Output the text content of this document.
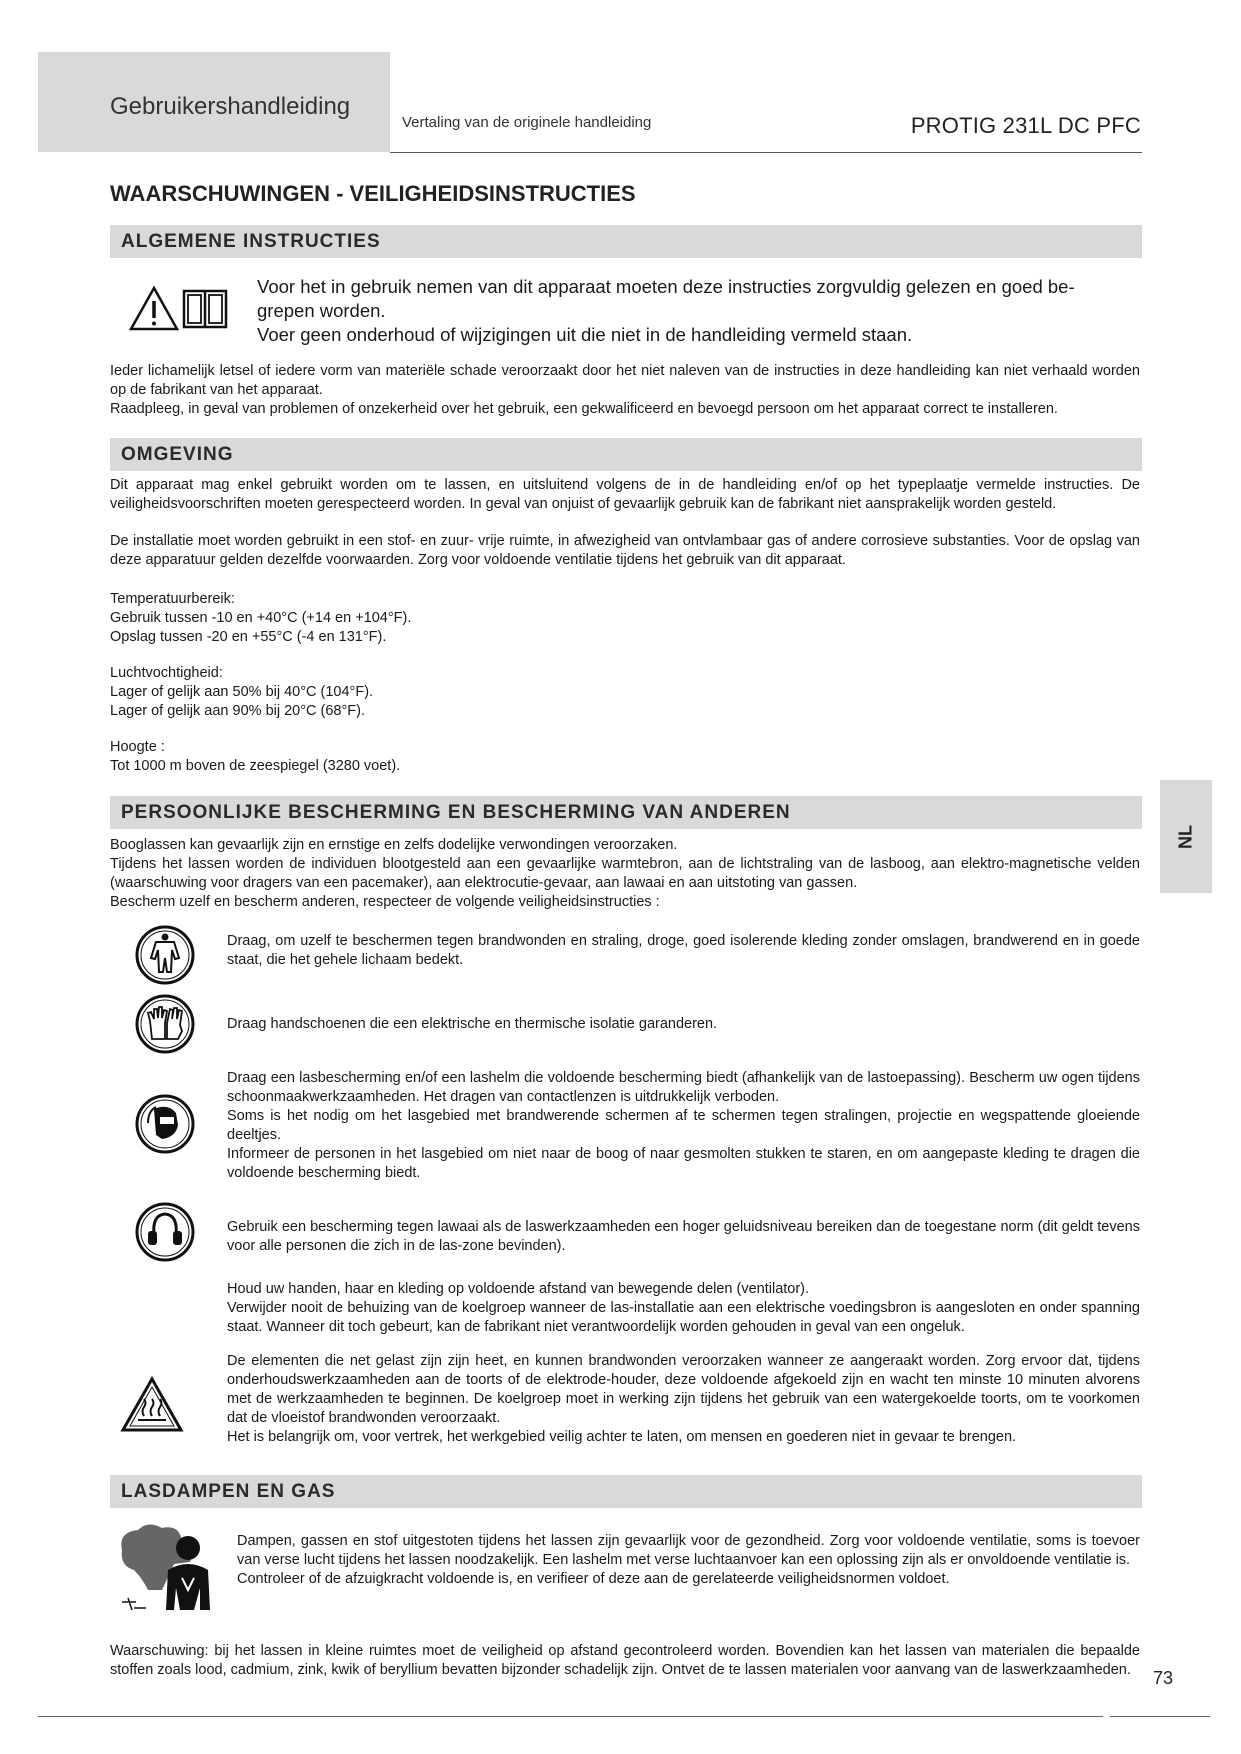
Gebruikershandleiding
Vertaling van de originele handleiding	PROTIG 231L DC PFC
WAARSCHUWINGEN - VEILIGHEIDSINSTRUCTIES
ALGEMENE INSTRUCTIES

Voor het in gebruik nemen van dit apparaat moeten deze instructies zorgvuldig gelezen en goed be-

grepen worden.

Voer geen onderhoud of wijzigingen uit die niet in de handleiding vermeld staan.

Ieder lichamelijk letsel of iedere vorm van materiële schade veroorzaakt door het niet naleven van de instructies in deze handleiding kan niet verhaald worden op de fabrikant van het apparaat.

Raadpleeg, in geval van problemen of onzekerheid over het gebruik, een gekwalificeerd en bevoegd persoon om het apparaat correct te installeren.

OMGEVING
Dit apparaat mag enkel gebruikt worden om te lassen, en uitsluitend volgens de in de handleiding en/of op het typeplaatje vermelde instructies. De veiligheidsvoorschriften moeten gerespecteerd worden. In geval van onjuist of gevaarlijk gebruik kan de fabrikant niet aansprakelijk worden gesteld.
De installatie moet worden gebruikt in een stof- en zuur- vrije ruimte, in afwezigheid van ontvlambaar gas of andere corrosieve substanties. Voor de opslag van deze apparatuur gelden dezelfde voorwaarden. Zorg voor voldoende ventilatie tijdens het gebruik van dit apparaat.

Temperatuurbereik:

Gebruik tussen -10 en +40°C (+14 en +104°F).

Opslag tussen -20 en +55°C (-4 en 131°F).

Luchtvochtigheid:

Lager of gelijk aan 50% bij 40°C (104°F).

Lager of gelijk aan 90% bij 20°C (68°F).

Hoogte :

Tot 1000 m boven de zeespiegel (3280 voet).

PERSOONLIJKE BESCHERMING EN BESCHERMING VAN ANDEREN

Booglassen kan gevaarlijk zijn en ernstige en zelfs dodelijke verwondingen veroorzaken.

Tijdens het lassen worden de individuen blootgesteld aan een gevaarlijke warmtebron, aan de lichtstraling van de lasboog, aan elektro-magnetische velden (waarschuwing voor dragers van een pacemaker), aan elektrocutie-gevaar, aan lawaai en aan uitstoting van gassen.

Bescherm uzelf en bescherm anderen, respecteer de volgende veiligheidsinstructies :

Draag, om uzelf te beschermen tegen brandwonden en straling, droge, goed isolerende kleding zonder omslagen, brandwerend en in goede staat, die het gehele lichaam bedekt.
Draag handschoenen die een elektrische en thermische isolatie garanderen.

Draag een lasbescherming en/of een lashelm die voldoende bescherming biedt (afhankelijk van de lastoepassing). Bescherm uw ogen tijdens schoonmaakwerkzaamheden. Het dragen van contactlenzen is uitdrukkelijk verboden.

Soms is het nodig om het lasgebied met brandwerende schermen af te schermen tegen stralingen, projectie en wegspattende gloeiende deeltjes.

Informeer de personen in het lasgebied om niet naar de boog of naar gesmolten stukken te staren, en om aangepaste kleding te dragen die voldoende bescherming biedt.

Gebruik een bescherming tegen lawaai als de laswerkzaamheden een hoger geluidsniveau bereiken dan de toegestane norm (dit geldt tevens voor alle personen die zich in de las-zone bevinden).

Houd uw handen, haar en kleding op voldoende afstand van bewegende delen (ventilator).

Verwijder nooit de behuizing van de koelgroep wanneer de las-installatie aan een elektrische voedingsbron is aangesloten en onder spanning staat. Wanneer dit toch gebeurt, kan de fabrikant niet verantwoordelijk worden gehouden in geval van een ongeluk.

De elementen die net gelast zijn zijn heet, en kunnen brandwonden veroorzaken wanneer ze aangeraakt worden. Zorg ervoor dat, tijdens onderhoudswerkzaamheden aan de toorts of de elektrode-houder, deze voldoende afgekoeld zijn en wacht ten minste 10 minuten alvorens met de werkzaamheden te beginnen. De koelgroep moet in werking zijn tijdens het gebruik van een watergekoelde toorts, om te voorkomen dat de vloeistof brandwonden veroorzaakt.

Het is belangrijk om, voor vertrek, het werkgebied veilig achter te laten, om mensen en goederen niet in gevaar te brengen.

LASDAMPEN EN GAS

Dampen, gassen en stof uitgestoten tijdens het lassen zijn gevaarlijk voor de gezondheid. Zorg voor voldoende ventilatie, soms is toevoer van verse lucht tijdens het lassen noodzakelijk. Een lashelm met verse luchtaanvoer kan een oplossing zijn als er onvoldoende ventilatie is.

Controleer of de afzuigkracht voldoende is, en verifieer of deze aan de gerelateerde veiligheidsnormen voldoet.

Waarschuwing: bij het lassen in kleine ruimtes moet de veiligheid op afstand gecontroleerd worden. Bovendien kan het lassen van materialen die bepaalde stoffen zoals lood, cadmium, zink, kwik of beryllium bevatten bijzonder schadelijk zijn. Ontvet de te lassen materialen voor aanvang van de laswerkzaamheden.
NL
73
